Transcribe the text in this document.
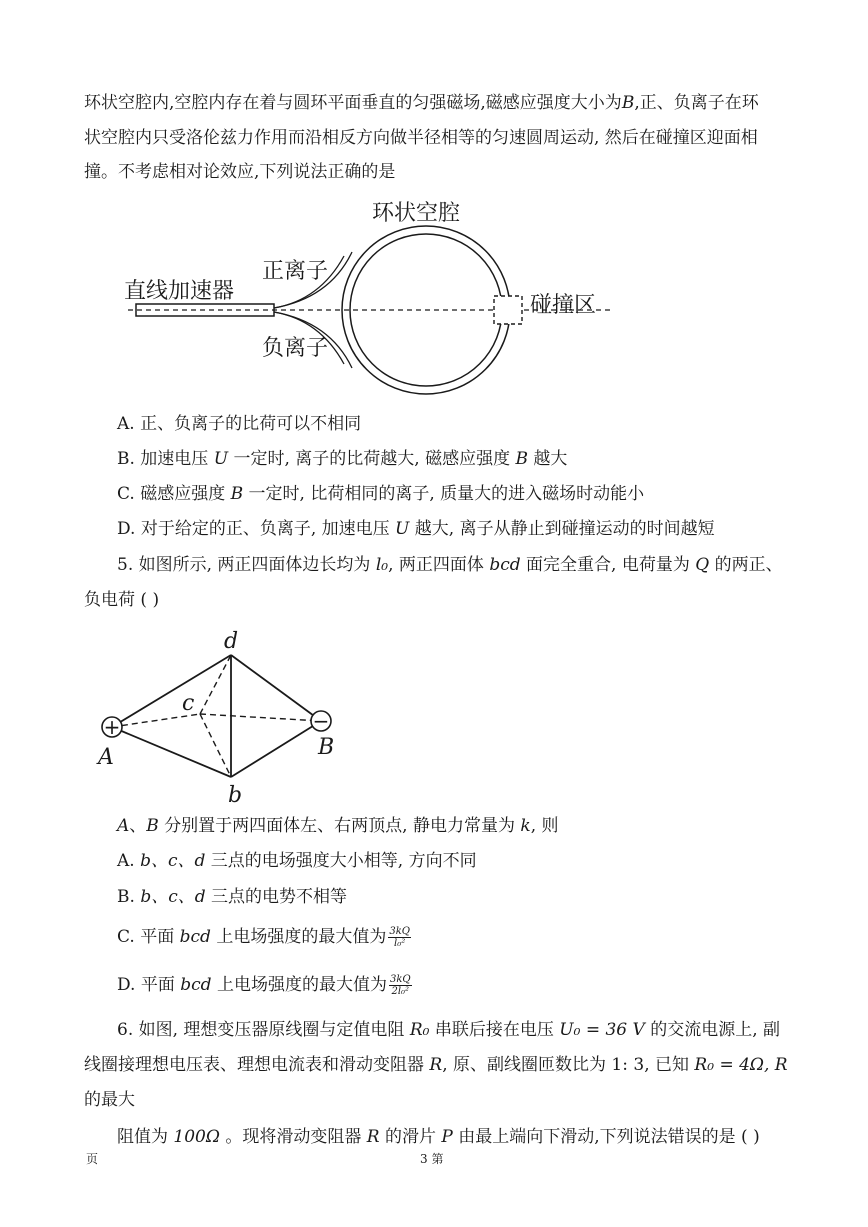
环状空腔内,空腔内存在着与圆环平面垂直的匀强磁场,磁感应强度大小为B,正、负离子在环
状空腔内只受洛伦兹力作用而沿相反方向做半径相等的匀速圆周运动, 然后在碰撞区迎面相
撞。不考虑相对论效应,下列说法正确的是
环状空腔
直线加速器
正离子
负离子
碰撞区
A. 正、负离子的比荷可以不相同
B. 加速电压 U 一定时, 离子的比荷越大, 磁感应强度 B 越大
C. 磁感应强度 B 一定时, 比荷相同的离子, 质量大的进入磁场时动能小
D. 对于给定的正、负离子, 加速电压 U 越大, 离子从静止到碰撞运动的时间越短
5. 如图所示, 两正四面体边长均为 l₀, 两正四面体 bcd 面完全重合, 电荷量为 Q 的两正、
负电荷 ( )
+	−
d
c
b
A	B
A、B 分别置于两四面体左、右两顶点, 静电力常量为 k, 则
A. b、c、d 三点的电场强度大小相等, 方向不同
B. b、c、d 三点的电势不相等
C. 平面 bcd 上电场强度的最大值为 $\frac{3kQ}{\text{l₀²}}$
D. 平面 bcd 上电场强度的最大值为 $\frac{3kQ}{\text{2l₀²}}$
6. 如图, 理想变压器原线圈与定值电阻 R₀ 串联后接在电压 U₀ = 36 V 的交流电源上, 副
线圈接理想电压表、理想电流表和滑动变阻器 R, 原、副线圈匝数比为 1: 3, 已知 R₀ = 4Ω, R
的最大
阻值为 100Ω 。现将滑动变阻器 R 的滑片 P 由最上端向下滑动,下列说法错误的是 ( )
页	3 第
